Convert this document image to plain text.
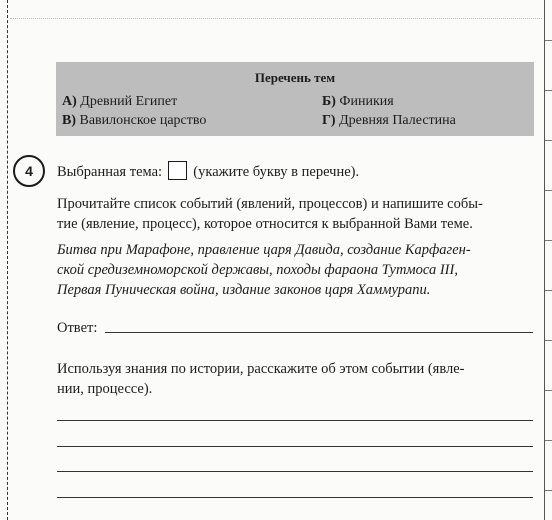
Перечень тем
А) Древний Египет	Б) Финикия
В) Вавилонское царство	Г) Древняя Палестина
4	Выбранная тема: (укажите букву в перечне).
Прочитайте список событий (явлений, процессов) и напишите собы-
тие (явление, процесс), которое относится к выбранной Вами теме.
Битва при Марафоне, правление царя Давида, создание Карфаген-
ской средиземноморской державы, походы фараона Тутмоса III,
Первая Пуническая война, издание законов царя Хаммурапи.
Ответ:
Используя знания по истории, расскажите об этом событии (явле-
нии, процессе).
